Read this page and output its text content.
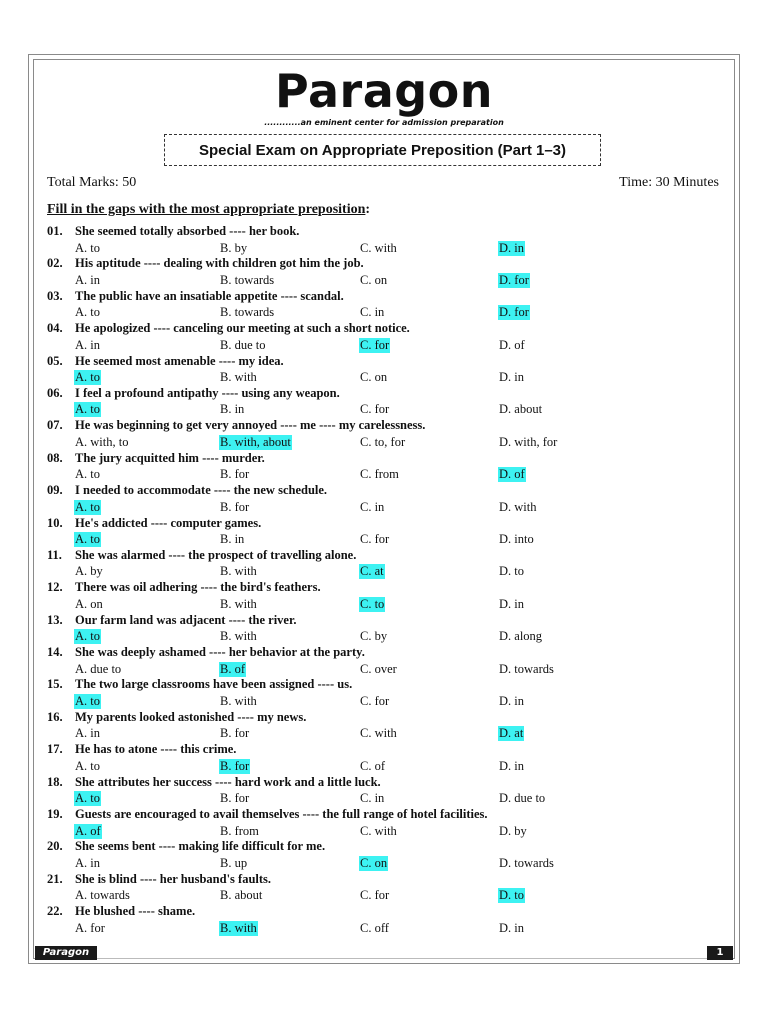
Paragon
............an eminent center for admission preparation
Special Exam on Appropriate Preposition (Part 1–3)
Total Marks: 50	Time: 30 Minutes
Fill in the gaps with the most appropriate preposition:
01. She seemed totally absorbed ---- her book.
A. to	B. by	C. with	D. in
02. His aptitude ---- dealing with children got him the job.
A. in	B. towards	C. on	D. for
03. The public have an insatiable appetite ---- scandal.
A. to	B. towards	C. in	D. for
04. He apologized ---- canceling our meeting at such a short notice.
A. in	B. due to	C. for	D. of
05. He seemed most amenable ---- my idea.
A. to	B. with	C. on	D. in
06. I feel a profound antipathy ---- using any weapon.
A. to	B. in	C. for	D. about
07. He was beginning to get very annoyed ---- me ---- my carelessness.
A. with, to	B. with, about	C. to, for	D. with, for
08. The jury acquitted him ---- murder.
A. to	B. for	C. from	D. of
09. I needed to accommodate ---- the new schedule.
A. to	B. for	C. in	D. with
10. He's addicted ---- computer games.
A. to	B. in	C. for	D. into
11. She was alarmed ---- the prospect of travelling alone.
A. by	B. with	C. at	D. to
12. There was oil adhering ---- the bird's feathers.
A. on	B. with	C. to	D. in
13. Our farm land was adjacent ---- the river.
A. to	B. with	C. by	D. along
14. She was deeply ashamed ---- her behavior at the party.
A. due to	B. of	C. over	D. towards
15. The two large classrooms have been assigned ---- us.
A. to	B. with	C. for	D. in
16. My parents looked astonished ---- my news.
A. in	B. for	C. with	D. at
17. He has to atone ---- this crime.
A. to	B. for	C. of	D. in
18. She attributes her success ---- hard work and a little luck.
A. to	B. for	C. in	D. due to
19. Guests are encouraged to avail themselves ---- the full range of hotel facilities.
A. of	B. from	C. with	D. by
20. She seems bent ---- making life difficult for me.
A. in	B. up	C. on	D. towards
21. She is blind ---- her husband's faults.
A. towards	B. about	C. for	D. to
22. He blushed ---- shame.
A. for	B. with	C. off	D. in
Paragon	1
